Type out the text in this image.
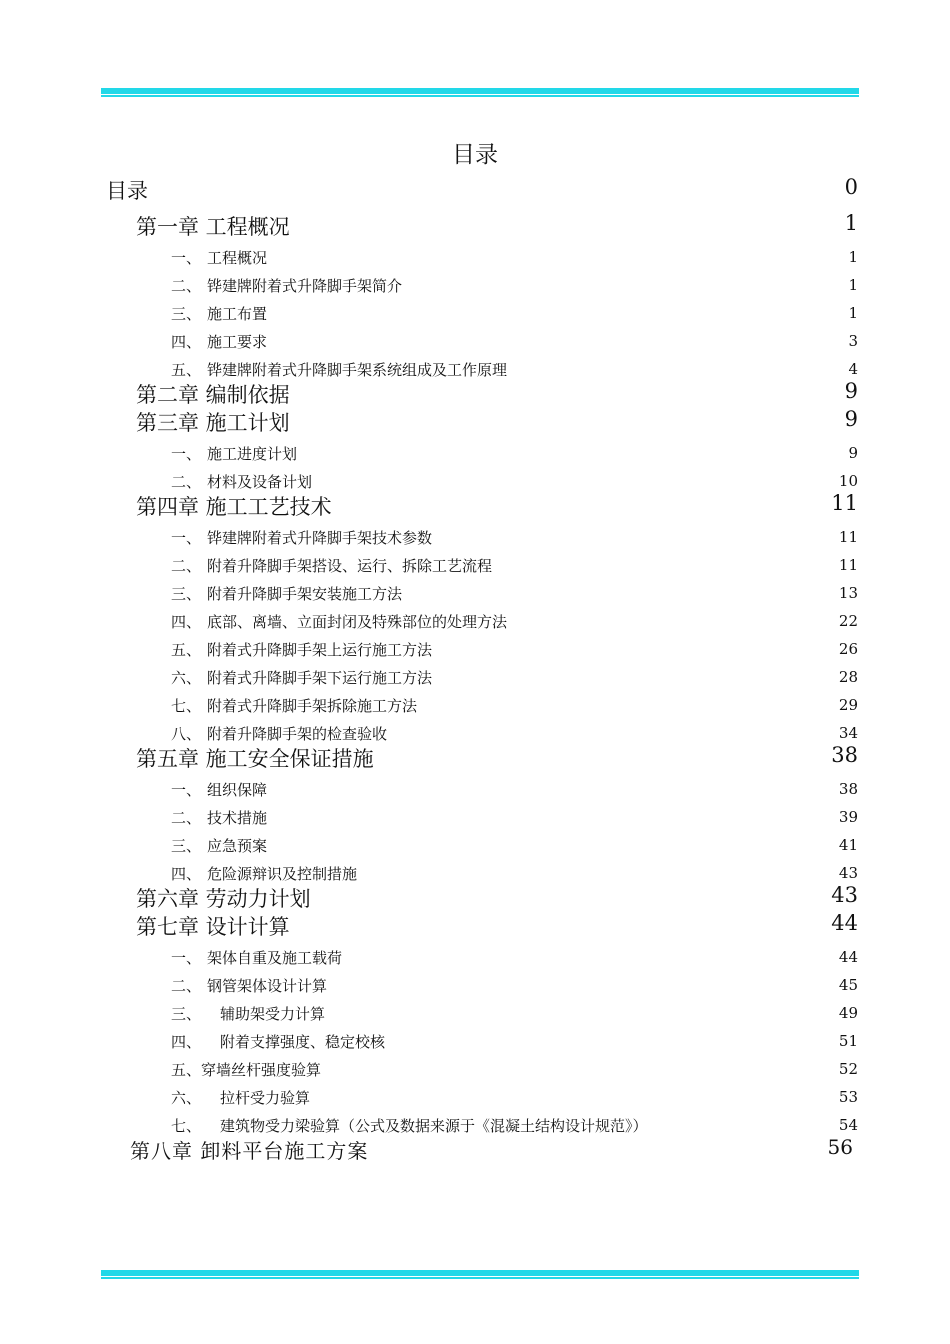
目录
目录	0
第一章 工程概况	1
一、 工程概况	1
二、 铧建牌附着式升降脚手架简介	1
三、 施工布置	1
四、 施工要求	3
五、 铧建牌附着式升降脚手架系统组成及工作原理	4
第二章 编制依据	9
第三章 施工计划	9
一、 施工进度计划	9
二、 材料及设备计划	10
第四章 施工工艺技术	11
一、 铧建牌附着式升降脚手架技术参数	11
二、 附着升降脚手架搭设、运行、拆除工艺流程	11
三、 附着升降脚手架安装施工方法	13
四、 底部、离墙、立面封闭及特殊部位的处理方法	22
五、 附着式升降脚手架上运行施工方法	26
六、 附着式升降脚手架下运行施工方法	28
七、 附着式升降脚手架拆除施工方法	29
八、 附着升降脚手架的检查验收	34
第五章 施工安全保证措施	38
一、 组织保障	38
二、 技术措施	39
三、 应急预案	41
四、 危险源辩识及控制措施	43
第六章 劳动力计划	43
第七章 设计计算	44
一、 架体自重及施工载荷	44
二、 钢管架体设计计算	45
三、 辅助架受力计算	49
四、 附着支撑强度、稳定校核	51
五、穿墙丝杆强度验算	52
六、 拉杆受力验算	53
七、 建筑物受力梁验算（公式及数据来源于《混凝土结构设计规范》）	54
第八章 卸料平台施工方案	56
